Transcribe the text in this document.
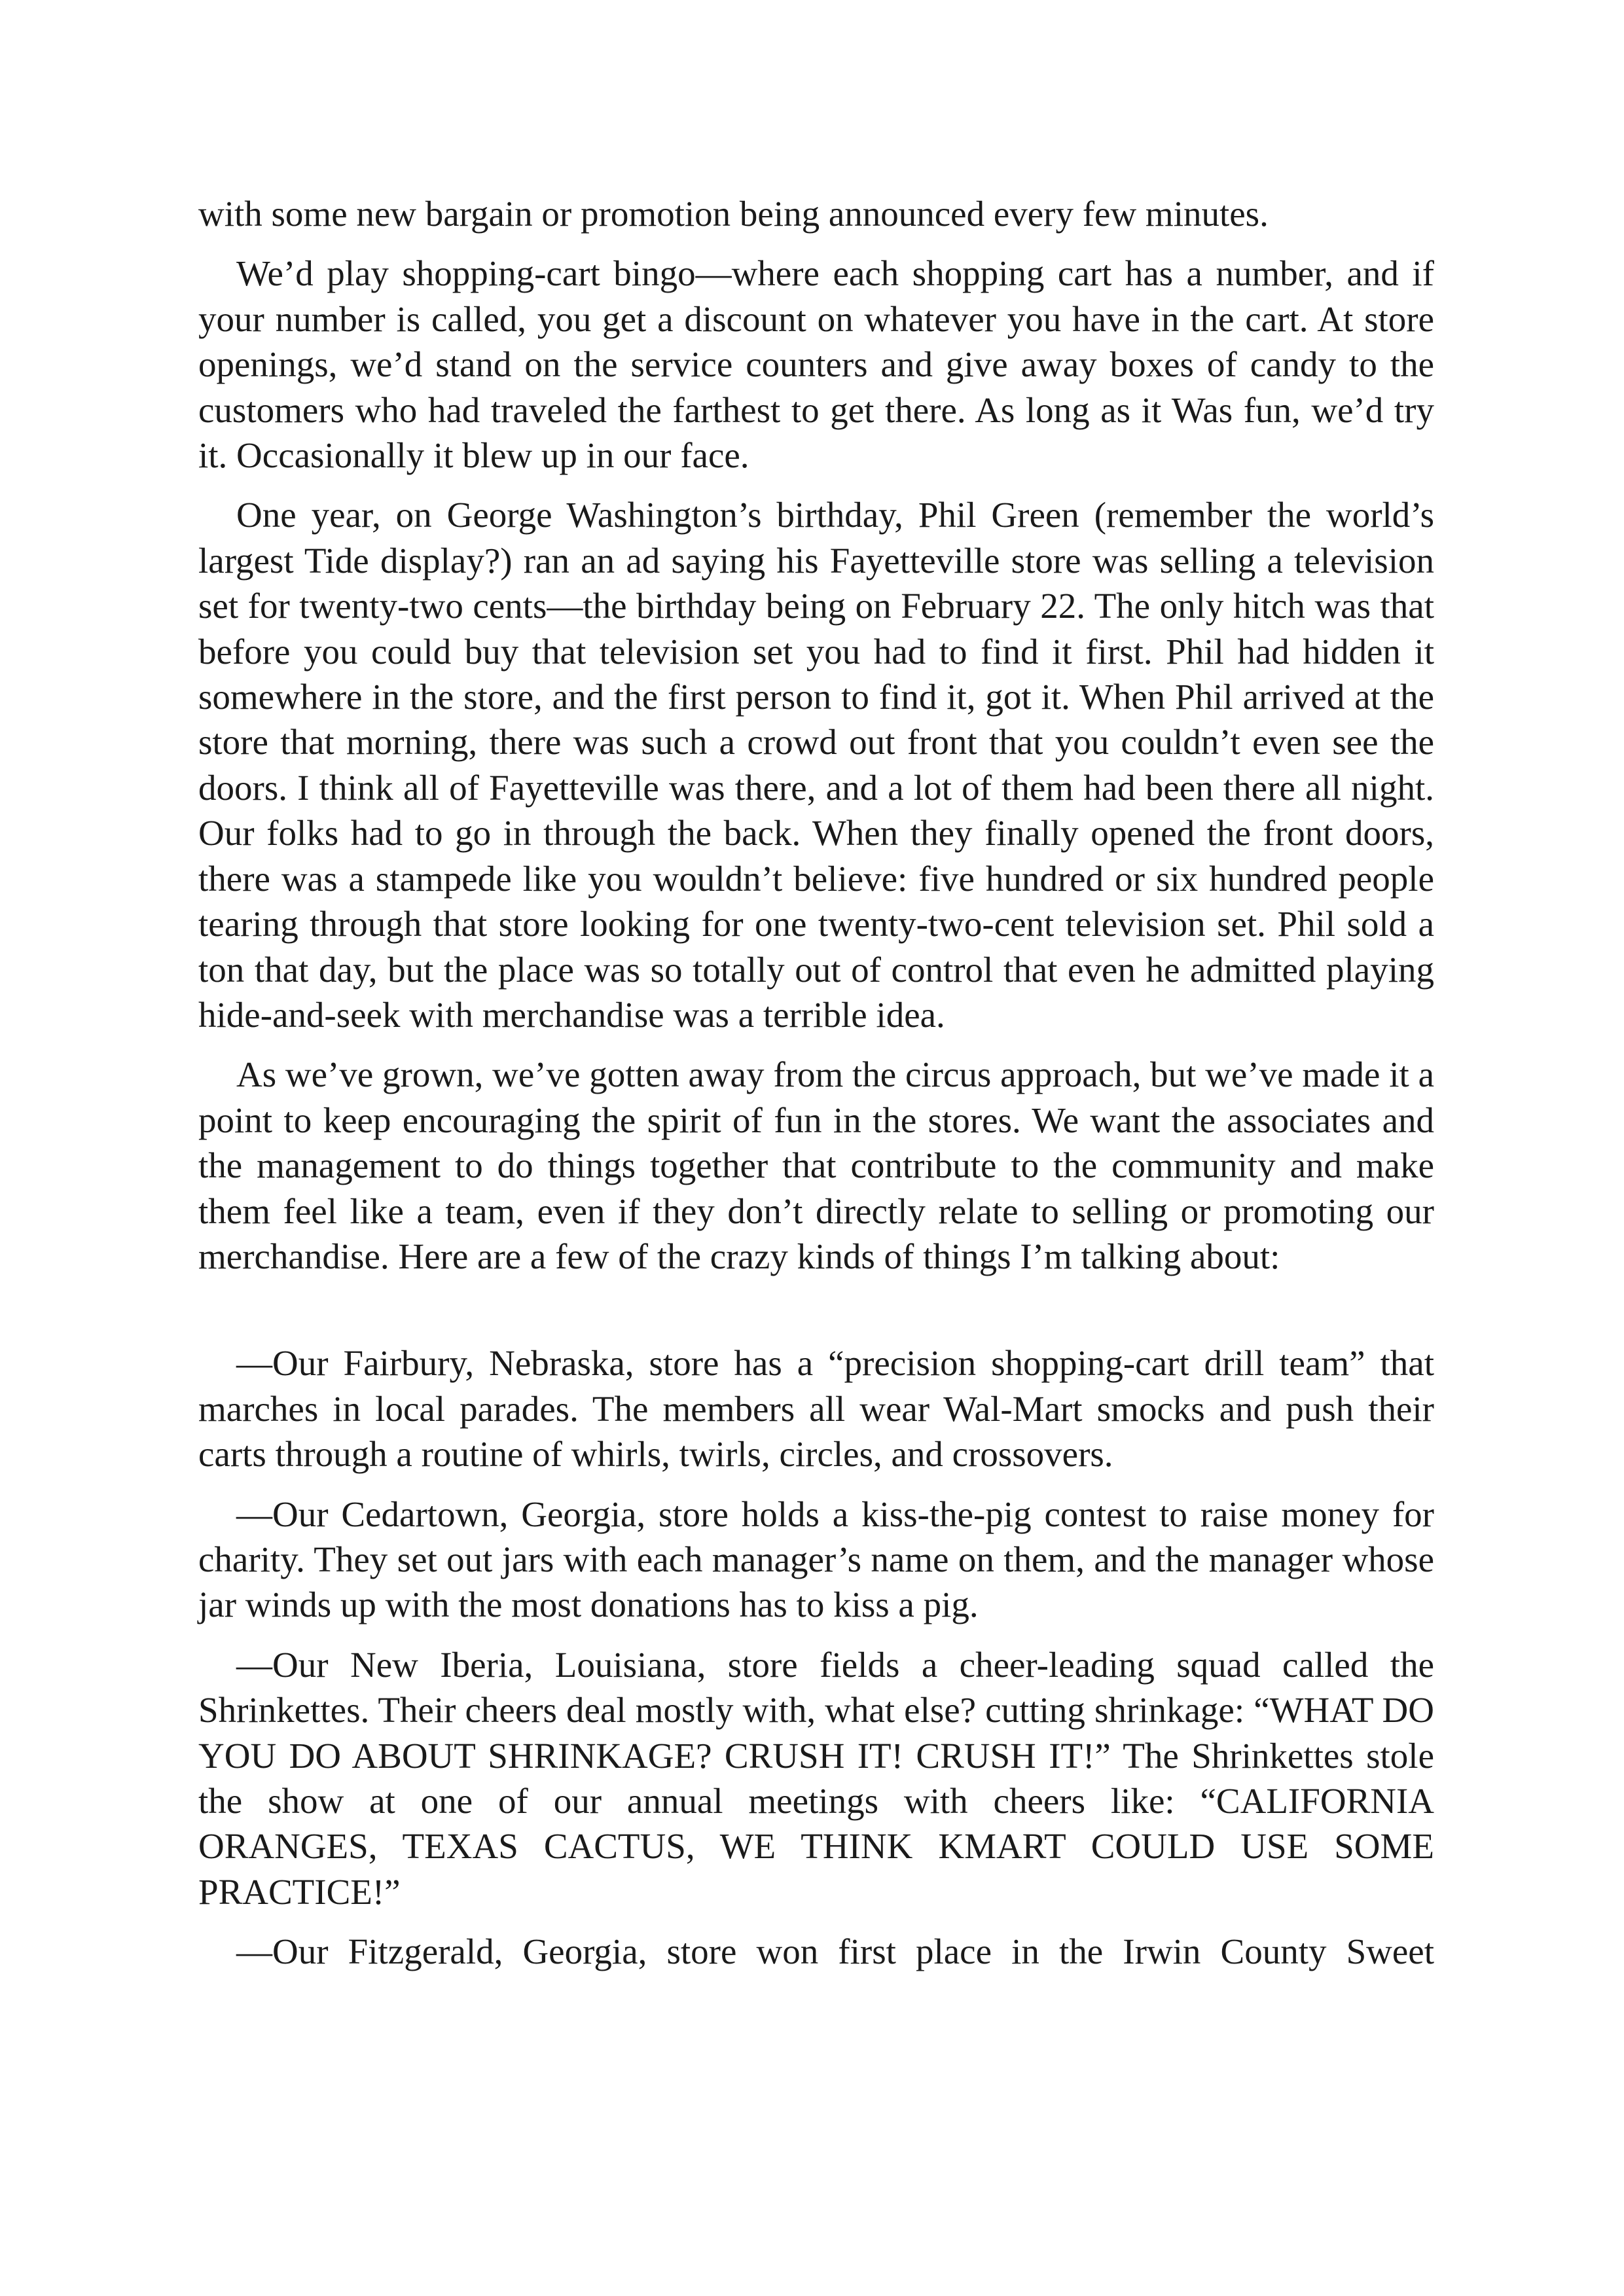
with some new bargain or promotion being announced every few minutes.

We’d play shopping-cart bingo—where each shopping cart has a number, and if your number is called, you get a discount on whatever you have in the cart. At store openings, we’d stand on the service counters and give away boxes of candy to the customers who had traveled the farthest to get there. As long as it Was fun, we’d try it. Occasionally it blew up in our face.

One year, on George Washington’s birthday, Phil Green (remember the world’s largest Tide display?) ran an ad saying his Fayetteville store was selling a television set for twenty-two cents—the birthday being on February 22. The only hitch was that before you could buy that television set you had to find it first. Phil had hidden it somewhere in the store, and the first person to find it, got it. When Phil arrived at the store that morning, there was such a crowd out front that you couldn’t even see the doors. I think all of Fayetteville was there, and a lot of them had been there all night. Our folks had to go in through the back. When they finally opened the front doors, there was a stampede like you wouldn’t believe: five hundred or six hundred people tearing through that store looking for one twenty-two-cent television set. Phil sold a ton that day, but the place was so totally out of control that even he admitted playing hide-and-seek with merchandise was a terrible idea.

As we’ve grown, we’ve gotten away from the circus approach, but we’ve made it a point to keep encouraging the spirit of fun in the stores. We want the associates and the management to do things together that contribute to the community and make them feel like a team, even if they don’t directly relate to selling or promoting our merchandise. Here are a few of the crazy kinds of things I’m talking about:

—Our Fairbury, Nebraska, store has a “precision shopping-cart drill team” that marches in local parades. The members all wear Wal-Mart smocks and push their carts through a routine of whirls, twirls, circles, and crossovers.

—Our Cedartown, Georgia, store holds a kiss-the-pig contest to raise money for charity. They set out jars with each manager’s name on them, and the manager whose jar winds up with the most donations has to kiss a pig.

—Our New Iberia, Louisiana, store fields a cheer-leading squad called the Shrinkettes. Their cheers deal mostly with, what else? cutting shrinkage: “WHAT DO YOU DO ABOUT SHRINKAGE? CRUSH IT! CRUSH IT!” The Shrinkettes stole the show at one of our annual meetings with cheers like: “CALIFORNIA ORANGES, TEXAS CACTUS, WE THINK KMART COULD USE SOME PRACTICE!”

—Our Fitzgerald, Georgia, store won first place in the Irwin County Sweet
